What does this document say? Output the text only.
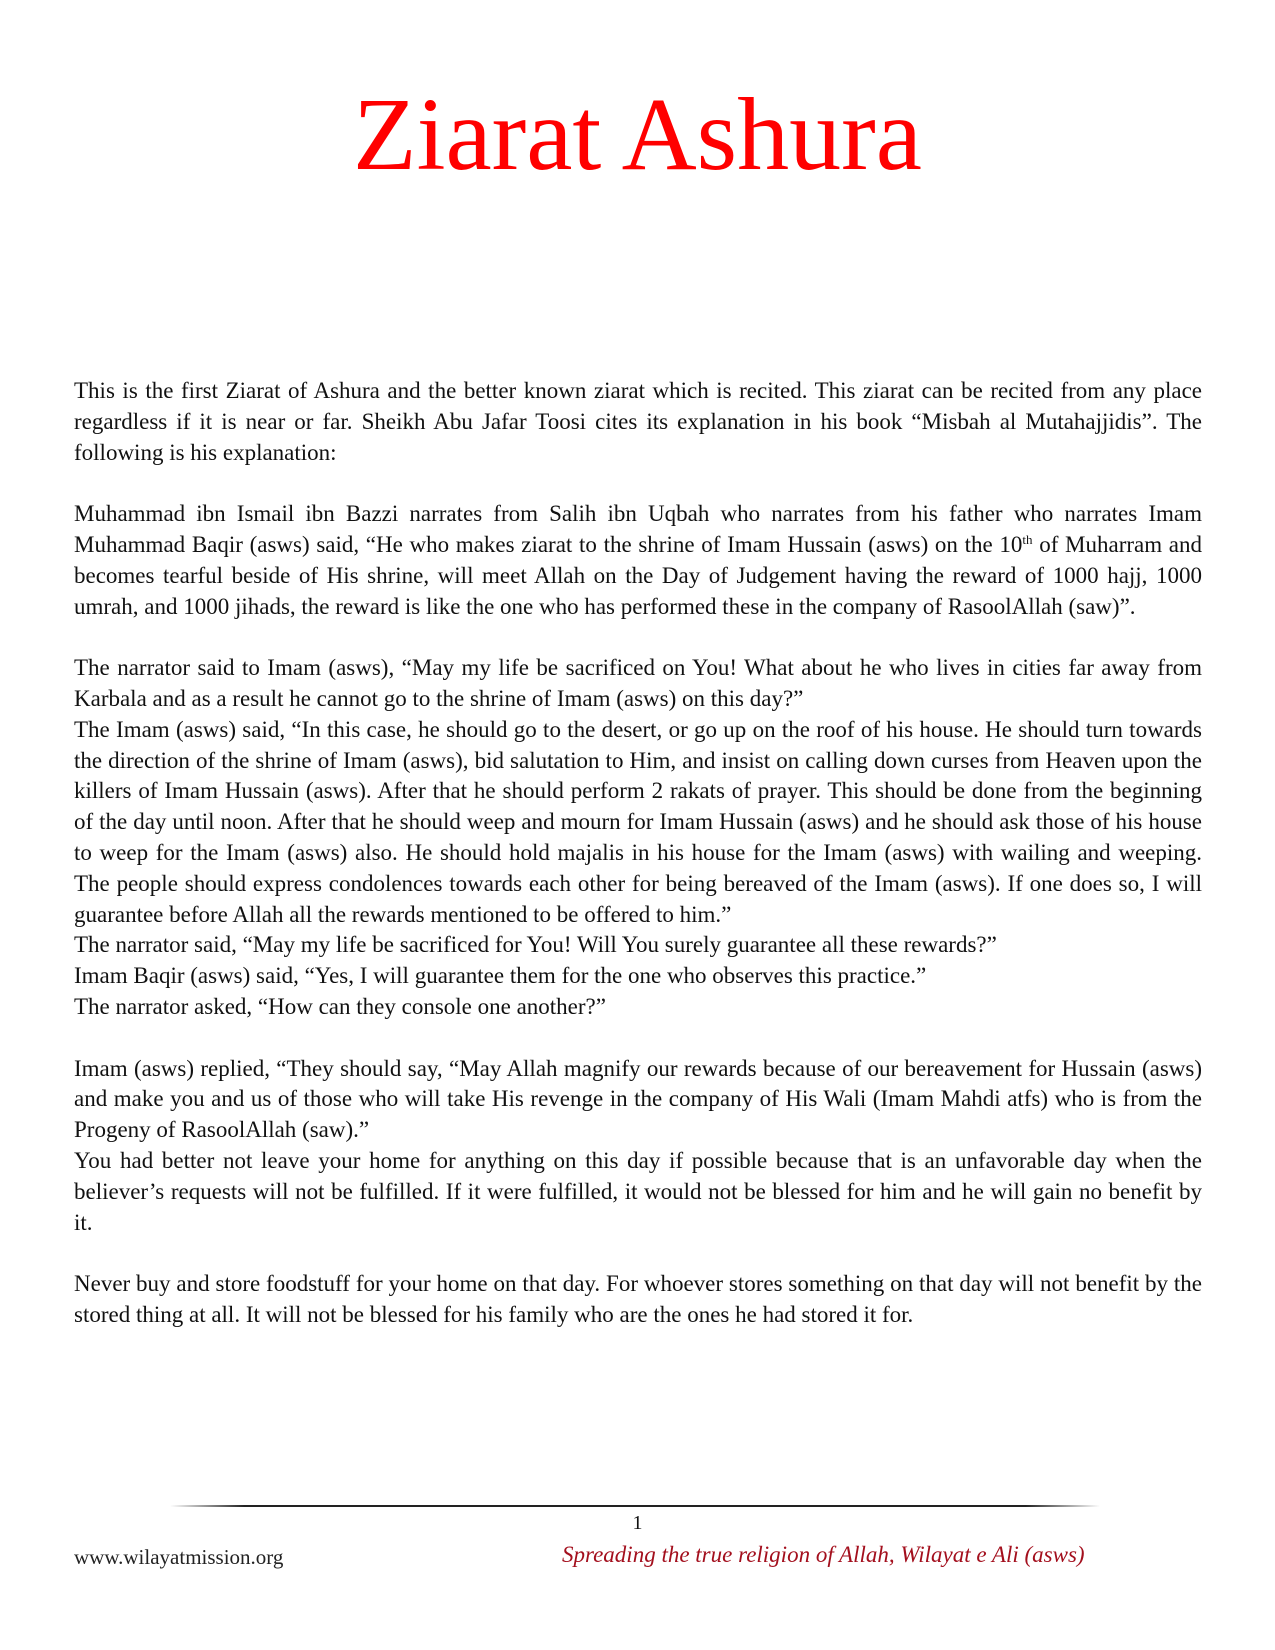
Ziarat Ashura

This is the first Ziarat of Ashura and the better known ziarat which is recited. This ziarat can be recited from any place regardless if it is near or far. Sheikh Abu Jafar Toosi cites its explanation in his book “Misbah al Mutahajjidis”. The following is his explanation:

Muhammad ibn Ismail ibn Bazzi narrates from Salih ibn Uqbah who narrates from his father who narrates Imam Muhammad Baqir (asws) said, “He who makes ziarat to the shrine of Imam Hussain (asws) on the 10th of Muharram and becomes tearful beside of His shrine, will meet Allah on the Day of Judgement having the reward of 1000 hajj, 1000 umrah, and 1000 jihads, the reward is like the one who has performed these in the company of RasoolAllah (saw)”.

The narrator said to Imam (asws), “May my life be sacrificed on You! What about he who lives in cities far away from Karbala and as a result he cannot go to the shrine of Imam (asws) on this day?”

The Imam (asws) said, “In this case, he should go to the desert, or go up on the roof of his house. He should turn towards the direction of the shrine of Imam (asws), bid salutation to Him, and insist on calling down curses from Heaven upon the killers of Imam Hussain (asws). After that he should perform 2 rakats of prayer. This should be done from the beginning of the day until noon. After that he should weep and mourn for Imam Hussain (asws) and he should ask those of his house to weep for the Imam (asws) also. He should hold majalis in his house for the Imam (asws) with wailing and weeping. The people should express condolences towards each other for being bereaved of the Imam (asws). If one does so, I will guarantee before Allah all the rewards mentioned to be offered to him.”

The narrator said, “May my life be sacrificed for You! Will You surely guarantee all these rewards?”

Imam Baqir (asws) said, “Yes, I will guarantee them for the one who observes this practice.”

The narrator asked, “How can they console one another?”

Imam (asws) replied, “They should say, “May Allah magnify our rewards because of our bereavement for Hussain (asws) and make you and us of those who will take His revenge in the company of His Wali (Imam Mahdi atfs) who is from the Progeny of RasoolAllah (saw).”

You had better not leave your home for anything on this day if possible because that is an unfavorable day when the believer’s requests will not be fulfilled. If it were fulfilled, it would not be blessed for him and he will gain no benefit by it.

Never buy and store foodstuff for your home on that day. For whoever stores something on that day will not benefit by the stored thing at all. It will not be blessed for his family who are the ones he had stored it for.

1
www.wilayatmission.org	Spreading the true religion of Allah, Wilayat e Ali (asws)
